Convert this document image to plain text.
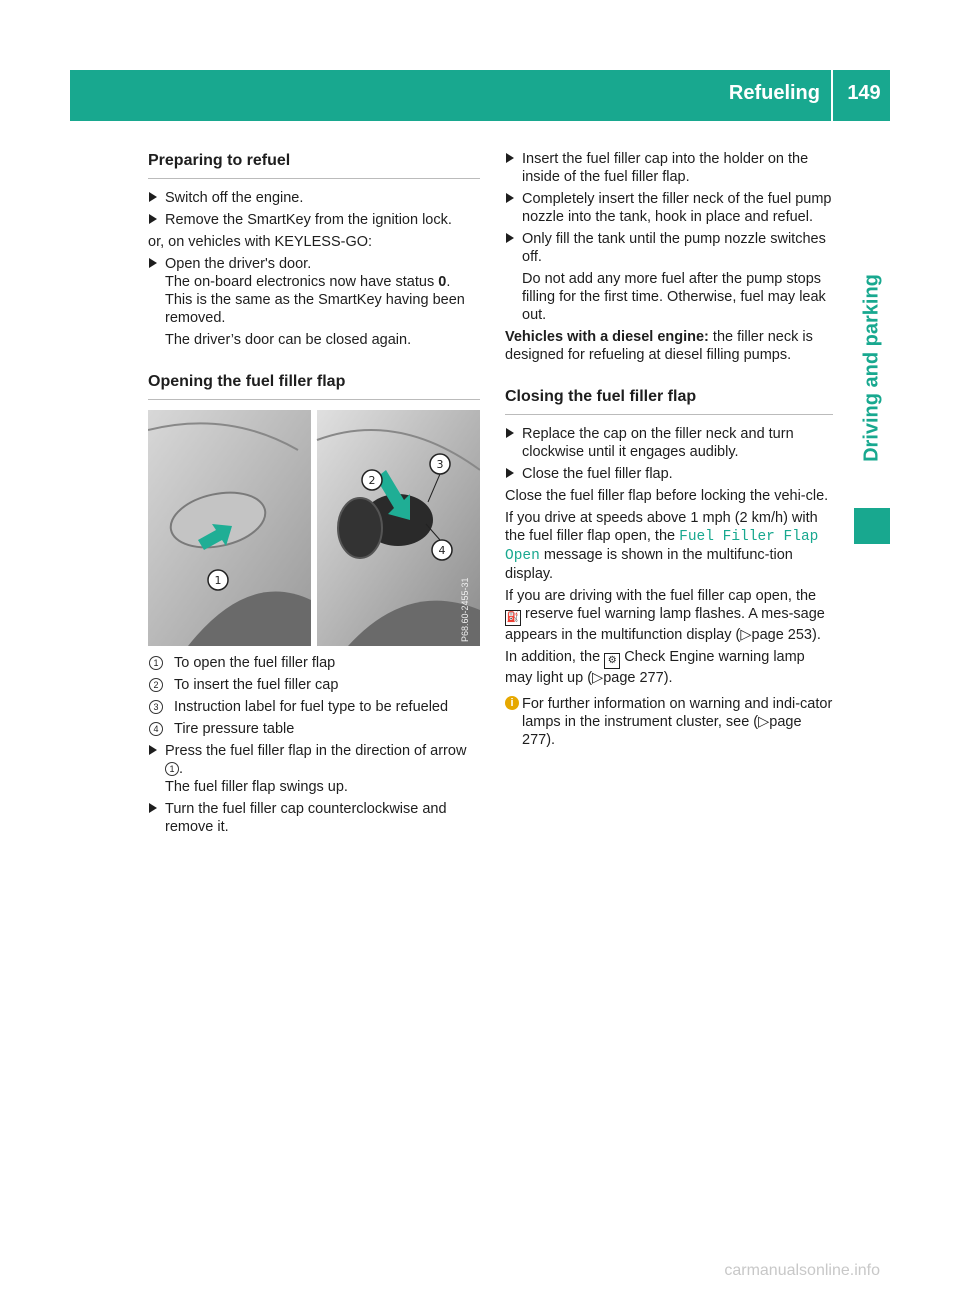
Refueling	149
Driving and parking
Preparing to refuel
Switch off the engine.
Remove the SmartKey from the ignition lock.
or, on vehicles with KEYLESS-GO:
Open the driver's door.
The on-board electronics now have status 0.
This is the same as the SmartKey having been removed.
The driver’s door can be closed again.
Opening the fuel filler flap
1
2
3
4
P68.60-2455-31
1	To open the fuel filler flap
2	To insert the fuel filler cap
3	Instruction label for fuel type to be refueled
4	Tire pressure table
Press the fuel filler flap in the direction of arrow 1 .
The fuel filler flap swings up.
Turn the fuel filler cap counterclockwise and remove it.
Insert the fuel filler cap into the holder on the inside of the fuel filler flap.
Completely insert the filler neck of the fuel pump nozzle into the tank, hook in place and refuel.
Only fill the tank until the pump nozzle switches off.
Do not add any more fuel after the pump stops filling for the first time. Otherwise, fuel may leak out.
Vehicles with a diesel engine: the filler neck is designed for refueling at diesel filling pumps.
Closing the fuel filler flap
Replace the cap on the filler neck and turn clockwise until it engages audibly.
Close the fuel filler flap.
Close the fuel filler flap before locking the vehi-cle.
If you drive at speeds above 1 mph (2 km/h) with the fuel filler flap open, the Fuel Filler Flap Open message is shown in the multifunc-tion display.
If you are driving with the fuel filler cap open, the ⛽ reserve fuel warning lamp flashes. A mes-sage appears in the multifunction display (▷page 253).
In addition, the ⚙ Check Engine warning lamp may light up (▷page 277).
i For further information on warning and indi-cator lamps in the instrument cluster, see (▷page 277).
carmanualsonline.info
